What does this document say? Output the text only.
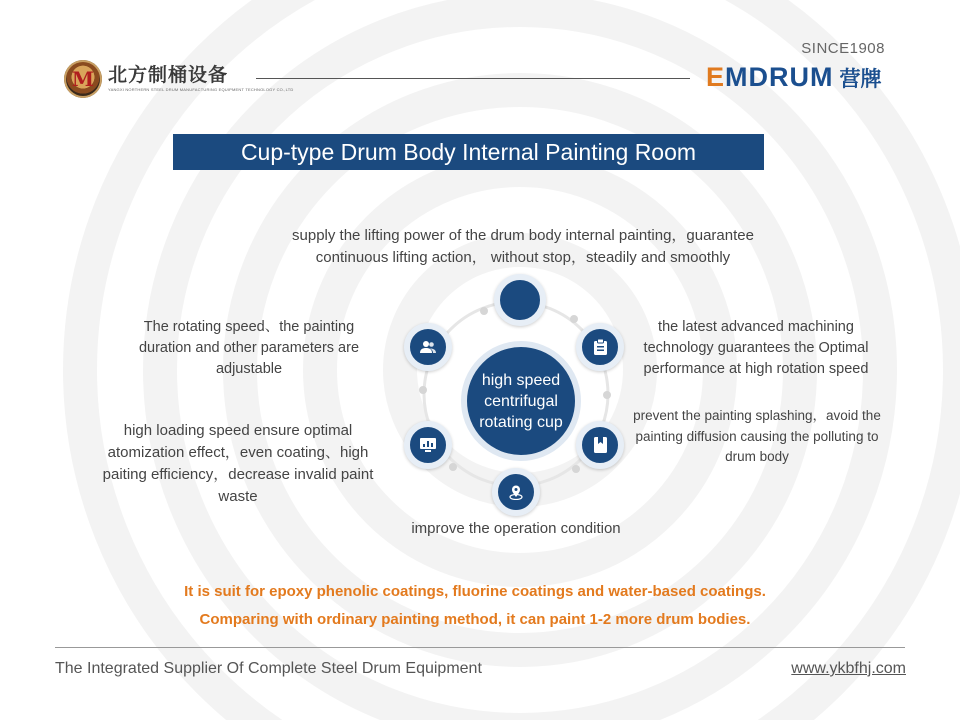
M 北方制桶设备
YANGXI NORTHERN STEEL DRUM MANUFACTURING EQUIPMENT TECHNOLOGY CO.,LTD
SINCE1908
EMDRUM 营牌
Cup-type Drum Body Internal Painting Room
high speed
centrifugal
rotating cup
supply the lifting power of the drum body internal painting，guarantee
continuous lifting action， without stop，steadily and smoothly
The rotating speed、the painting duration and other parameters are adjustable
the latest advanced machining technology guarantees the Optimal performance at high rotation speed
high loading speed ensure optimal atomization effect，even coating、high paiting efficiency，decrease invalid paint waste
prevent the painting splashing，avoid the painting diffusion causing the polluting to drum body
improve the operation condition
It is suit for epoxy phenolic coatings, fluorine coatings and water-based coatings.
Comparing with ordinary painting method, it can paint 1-2 more drum bodies.
The Integrated Supplier Of Complete Steel Drum Equipment	www.ykbfhj.com
